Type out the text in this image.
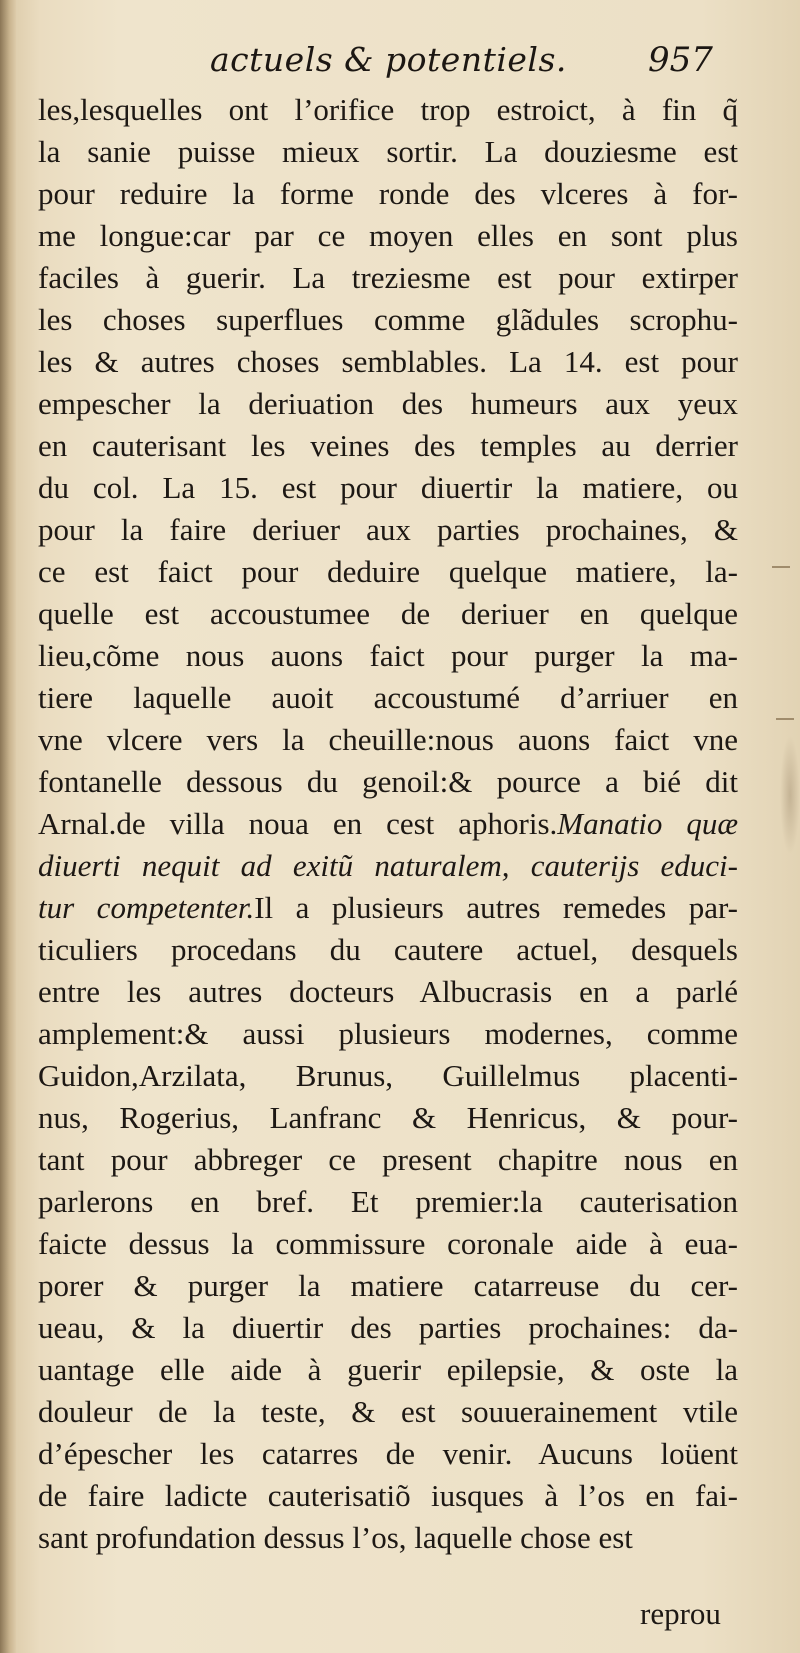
actuels & potentiels. 957
les,lesquelles ont l’orifice trop estroict, à fin q̃
la sanie puisse mieux sortir. La douziesme est
pour reduire la forme ronde des vlceres à for-
me longue:car par ce moyen elles en sont plus
faciles à guerir. La treziesme est pour extirper
les choses superflues comme glãdules scrophu-
les & autres choses semblables. La 14. est pour
empescher la deriuation des humeurs aux yeux
en cauterisant les veines des temples au derrier
du col. La 15. est pour diuertir la matiere, ou
pour la faire deriuer aux parties prochaines, &
ce est faict pour deduire quelque matiere, la-
quelle est accoustumee de deriuer en quelque
lieu,cõme nous auons faict pour purger la ma-
tiere laquelle auoit accoustumé d’arriuer en
vne vlcere vers la cheuille:nous auons faict vne
fontanelle dessous du genoil:& pource a bié dit
Arnal.de villa noua en cest aphoris.Manatio quæ
diuerti nequit ad exitũ naturalem, cauterijs educi-
tur competenter.Il a plusieurs autres remedes par-
ticuliers procedans du cautere actuel, desquels
entre les autres docteurs Albucrasis en a parlé
amplement:& aussi plusieurs modernes, comme
Guidon,Arzilata, Brunus, Guillelmus placenti-
nus, Rogerius, Lanfranc & Henricus, & pour-
tant pour abbreger ce present chapitre nous en
parlerons en bref. Et premier:la cauterisation
faicte dessus la commissure coronale aide à eua-
porer & purger la matiere catarreuse du cer-
ueau, & la diuertir des parties prochaines: da-
uantage elle aide à guerir epilepsie, & oste la
douleur de la teste, & est souuerainement vtile
d’épescher les catarres de venir. Aucuns loüent
de faire ladicte cauterisatiõ iusques à l’os en fai-
sant profundation dessus l’os, laquelle chose est
reprou
